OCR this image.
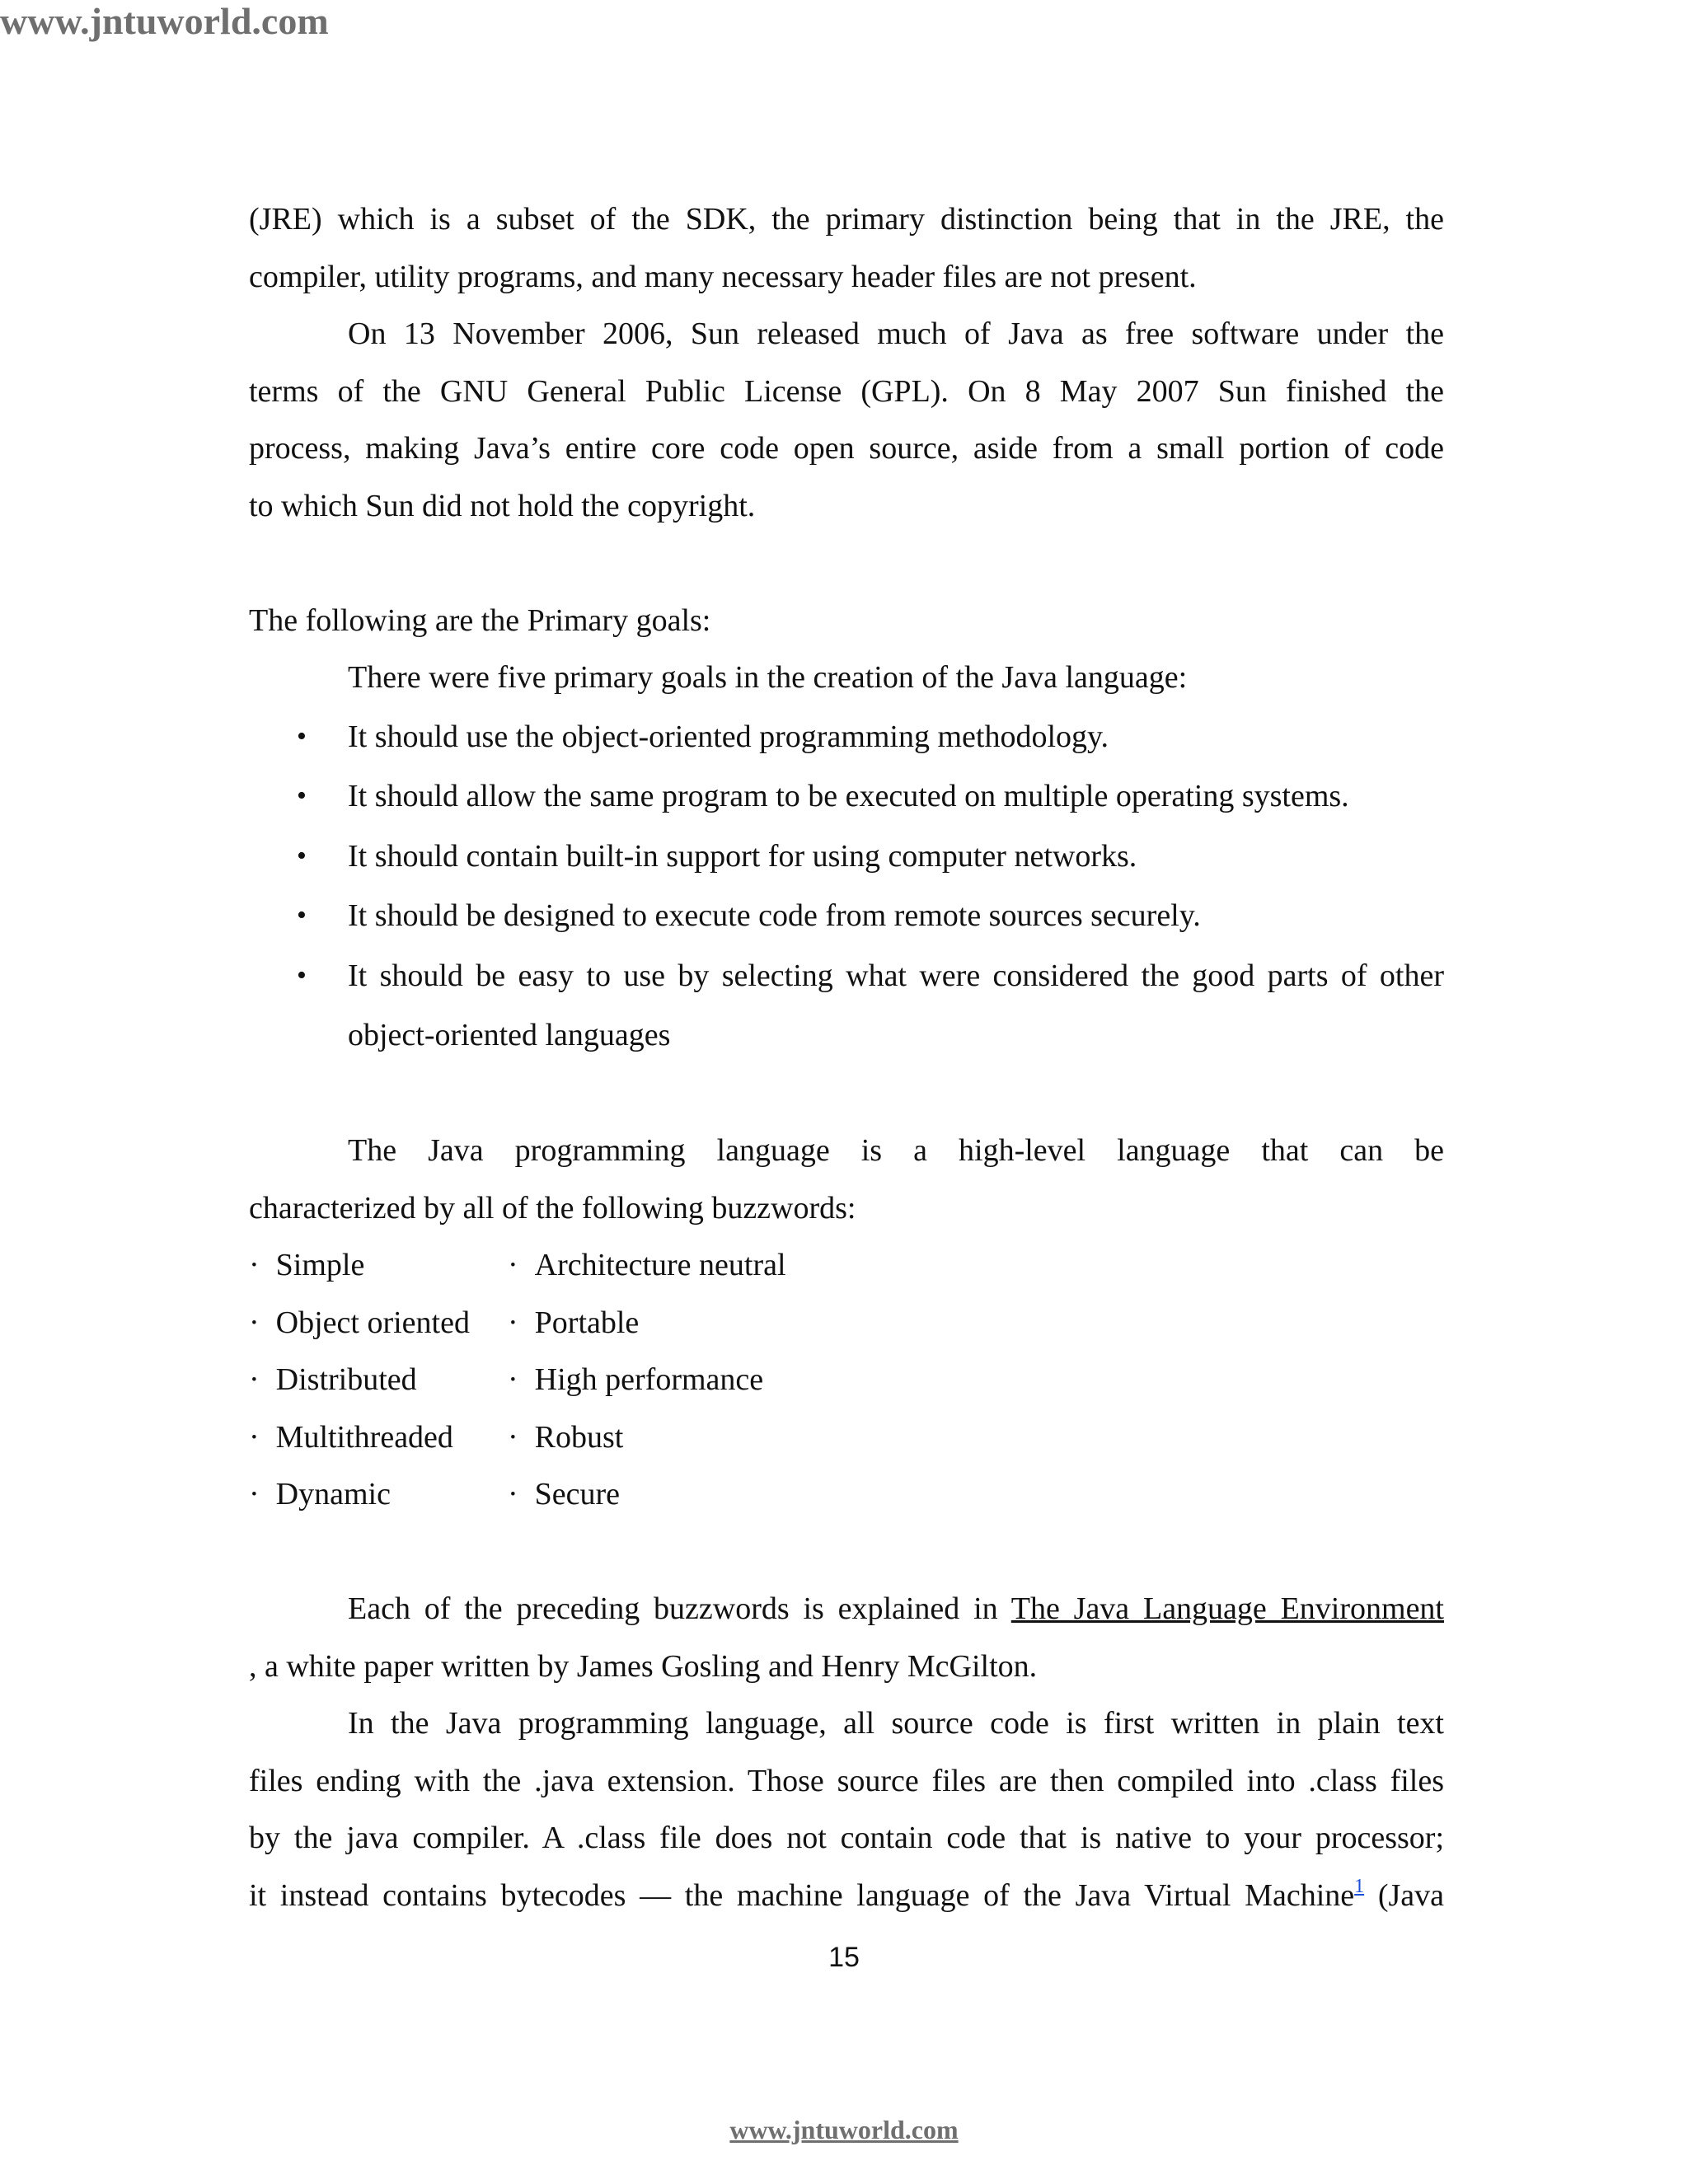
www.jntuworld.com
(JRE) which is a subset of the SDK, the primary distinction being that in the JRE, the
compiler, utility programs, and many necessary header files are not present.
On 13 November 2006, Sun released much of Java as free software under the
terms of the GNU General Public License (GPL). On 8 May 2007 Sun finished the
process, making Java’s entire core code open source, aside from a small portion of code
to which Sun did not hold the copyright.
The following are the Primary goals:
There were five primary goals in the creation of the Java language:
• It should use the object-oriented programming methodology.
• It should allow the same program to be executed on multiple operating systems.
• It should contain built-in support for using computer networks.
• It should be designed to execute code from remote sources securely.
• It should be easy to use by selecting what were considered the good parts of other
object-oriented languages
The Java programming language is a high-level language that can be
characterized by all of the following buzzwords:
· Simple	· Architecture neutral
· Object oriented	· Portable
· Distributed	· High performance
· Multithreaded	· Robust
· Dynamic	· Secure
Each of the preceding buzzwords is explained in The Java Language Environment
, a white paper written by James Gosling and Henry McGilton.
In the Java programming language, all source code is first written in plain text
files ending with the .java extension. Those source files are then compiled into .class files
by the java compiler. A .class file does not contain code that is native to your processor;
it instead contains bytecodes — the machine language of the Java Virtual Machine$^1$ (Java
15
www.jntuworld.com
